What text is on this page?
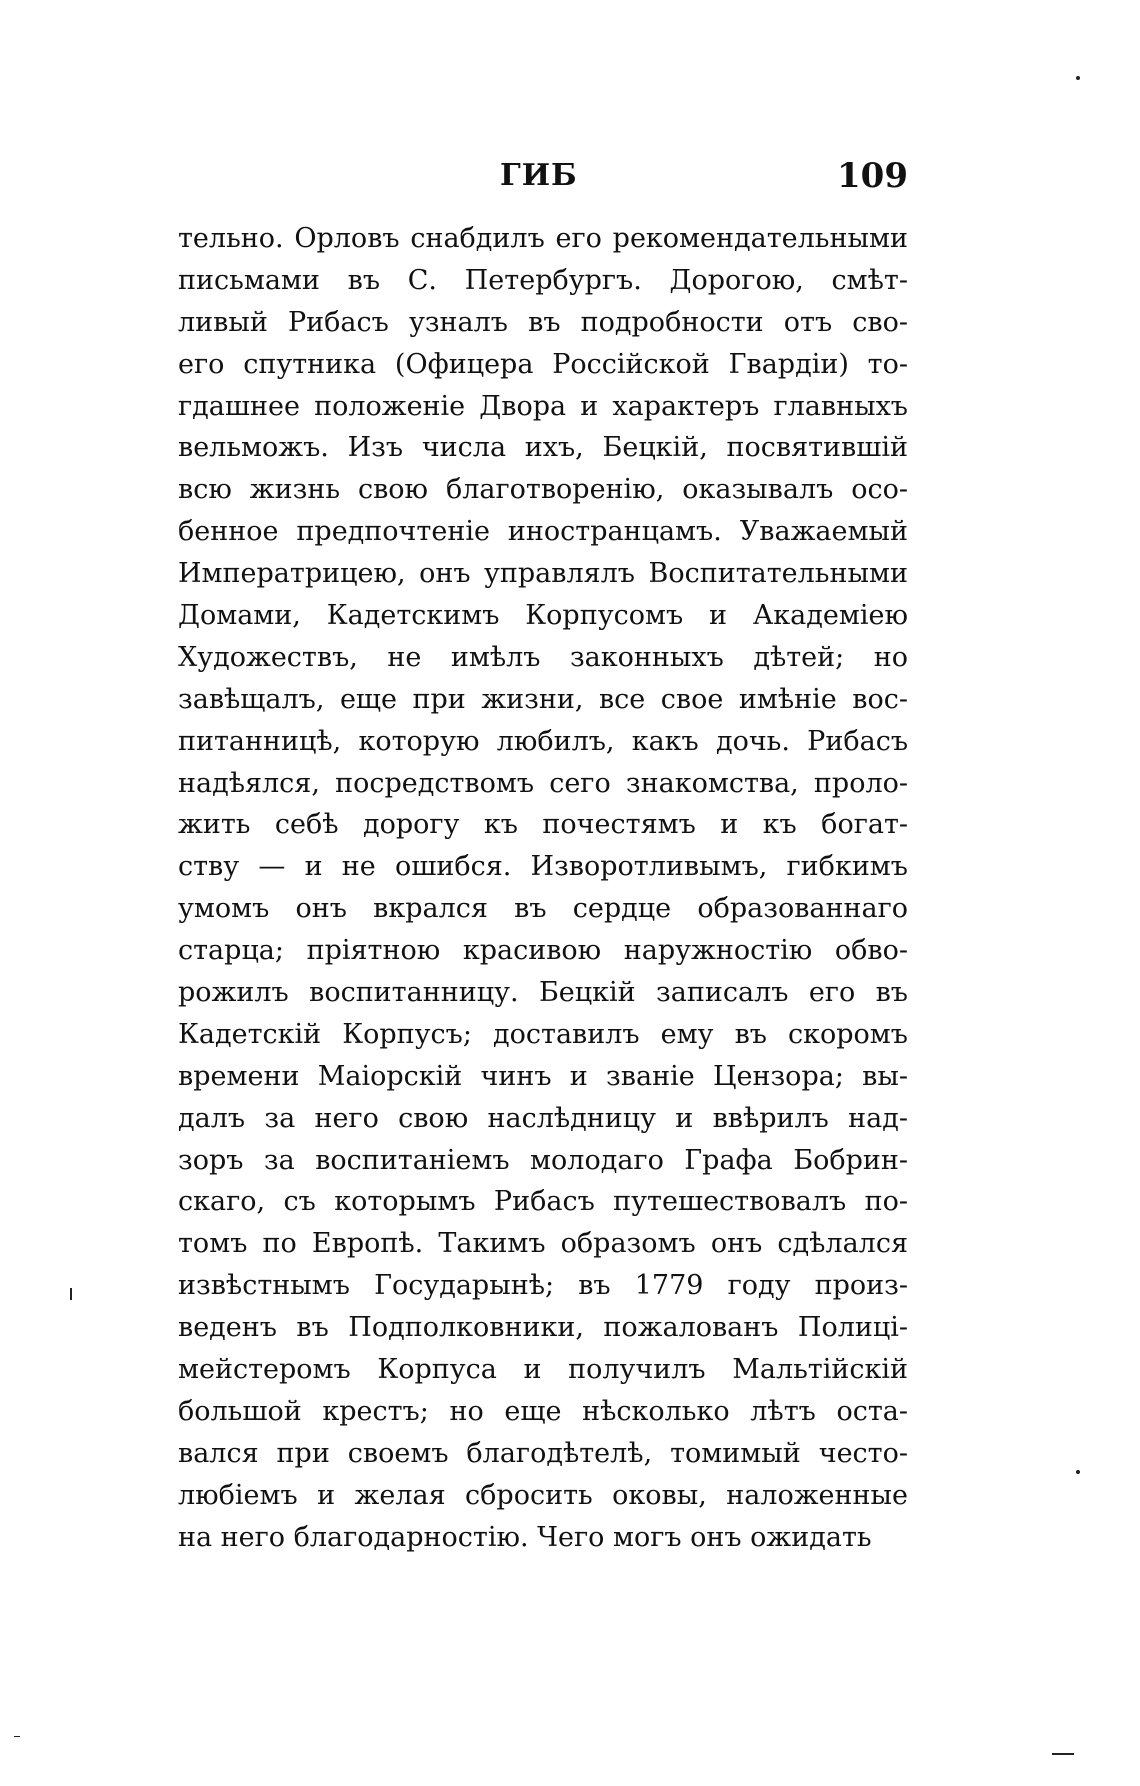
ГИБ	109
тельно. Орловъ снабдилъ его рекомендательными
письмами въ С. Петербургъ. Дорогою, смѣт-
ливый Рибасъ узналъ въ подробности отъ сво-
его спутника (Офицера Россійской Гвардіи) то-
гдашнее положеніе Двора и характеръ главныхъ
вельможъ. Изъ числа ихъ, Бецкій, посвятившій
всю жизнь свою благотворенію, оказывалъ осо-
бенное предпочтеніе иностранцамъ. Уважаемый
Императрицею, онъ управлялъ Воспитательными
Домами, Кадетскимъ Корпусомъ и Академіею
Художествъ, не имѣлъ законныхъ дѣтей; но
завѣщалъ, еще при жизни, все свое имѣніе вос-
питанницѣ, которую любилъ, какъ дочь. Рибасъ
надѣялся, посредствомъ сего знакомства, проло-
жить себѣ дорогу къ почестямъ и къ богат-
ству — и не ошибся. Изворотливымъ, гибкимъ
умомъ онъ вкрался въ сердце образованнаго
старца; пріятною красивою наружностію обво-
рожилъ воспитанницу. Бецкій записалъ его въ
Кадетскій Корпусъ; доставилъ ему въ скоромъ
времени Маіорскій чинъ и званіе Цензора; вы-
далъ за него свою наслѣдницу и ввѣрилъ над-
зоръ за воспитаніемъ молодаго Графа Бобрин-
скаго, съ которымъ Рибасъ путешествовалъ по-
томъ по Европѣ. Такимъ образомъ онъ сдѣлался
извѣстнымъ Государынѣ; въ 1779 году произ-
веденъ въ Подполковники, пожалованъ Полиці-
мейстеромъ Корпуса и получилъ Мальтійскій
большой крестъ; но еще нѣсколько лѣтъ оста-
вался при своемъ благодѣтелѣ, томимый често-
любіемъ и желая сбросить оковы, наложенные
на него благодарностію. Чего могъ онъ ожидать
